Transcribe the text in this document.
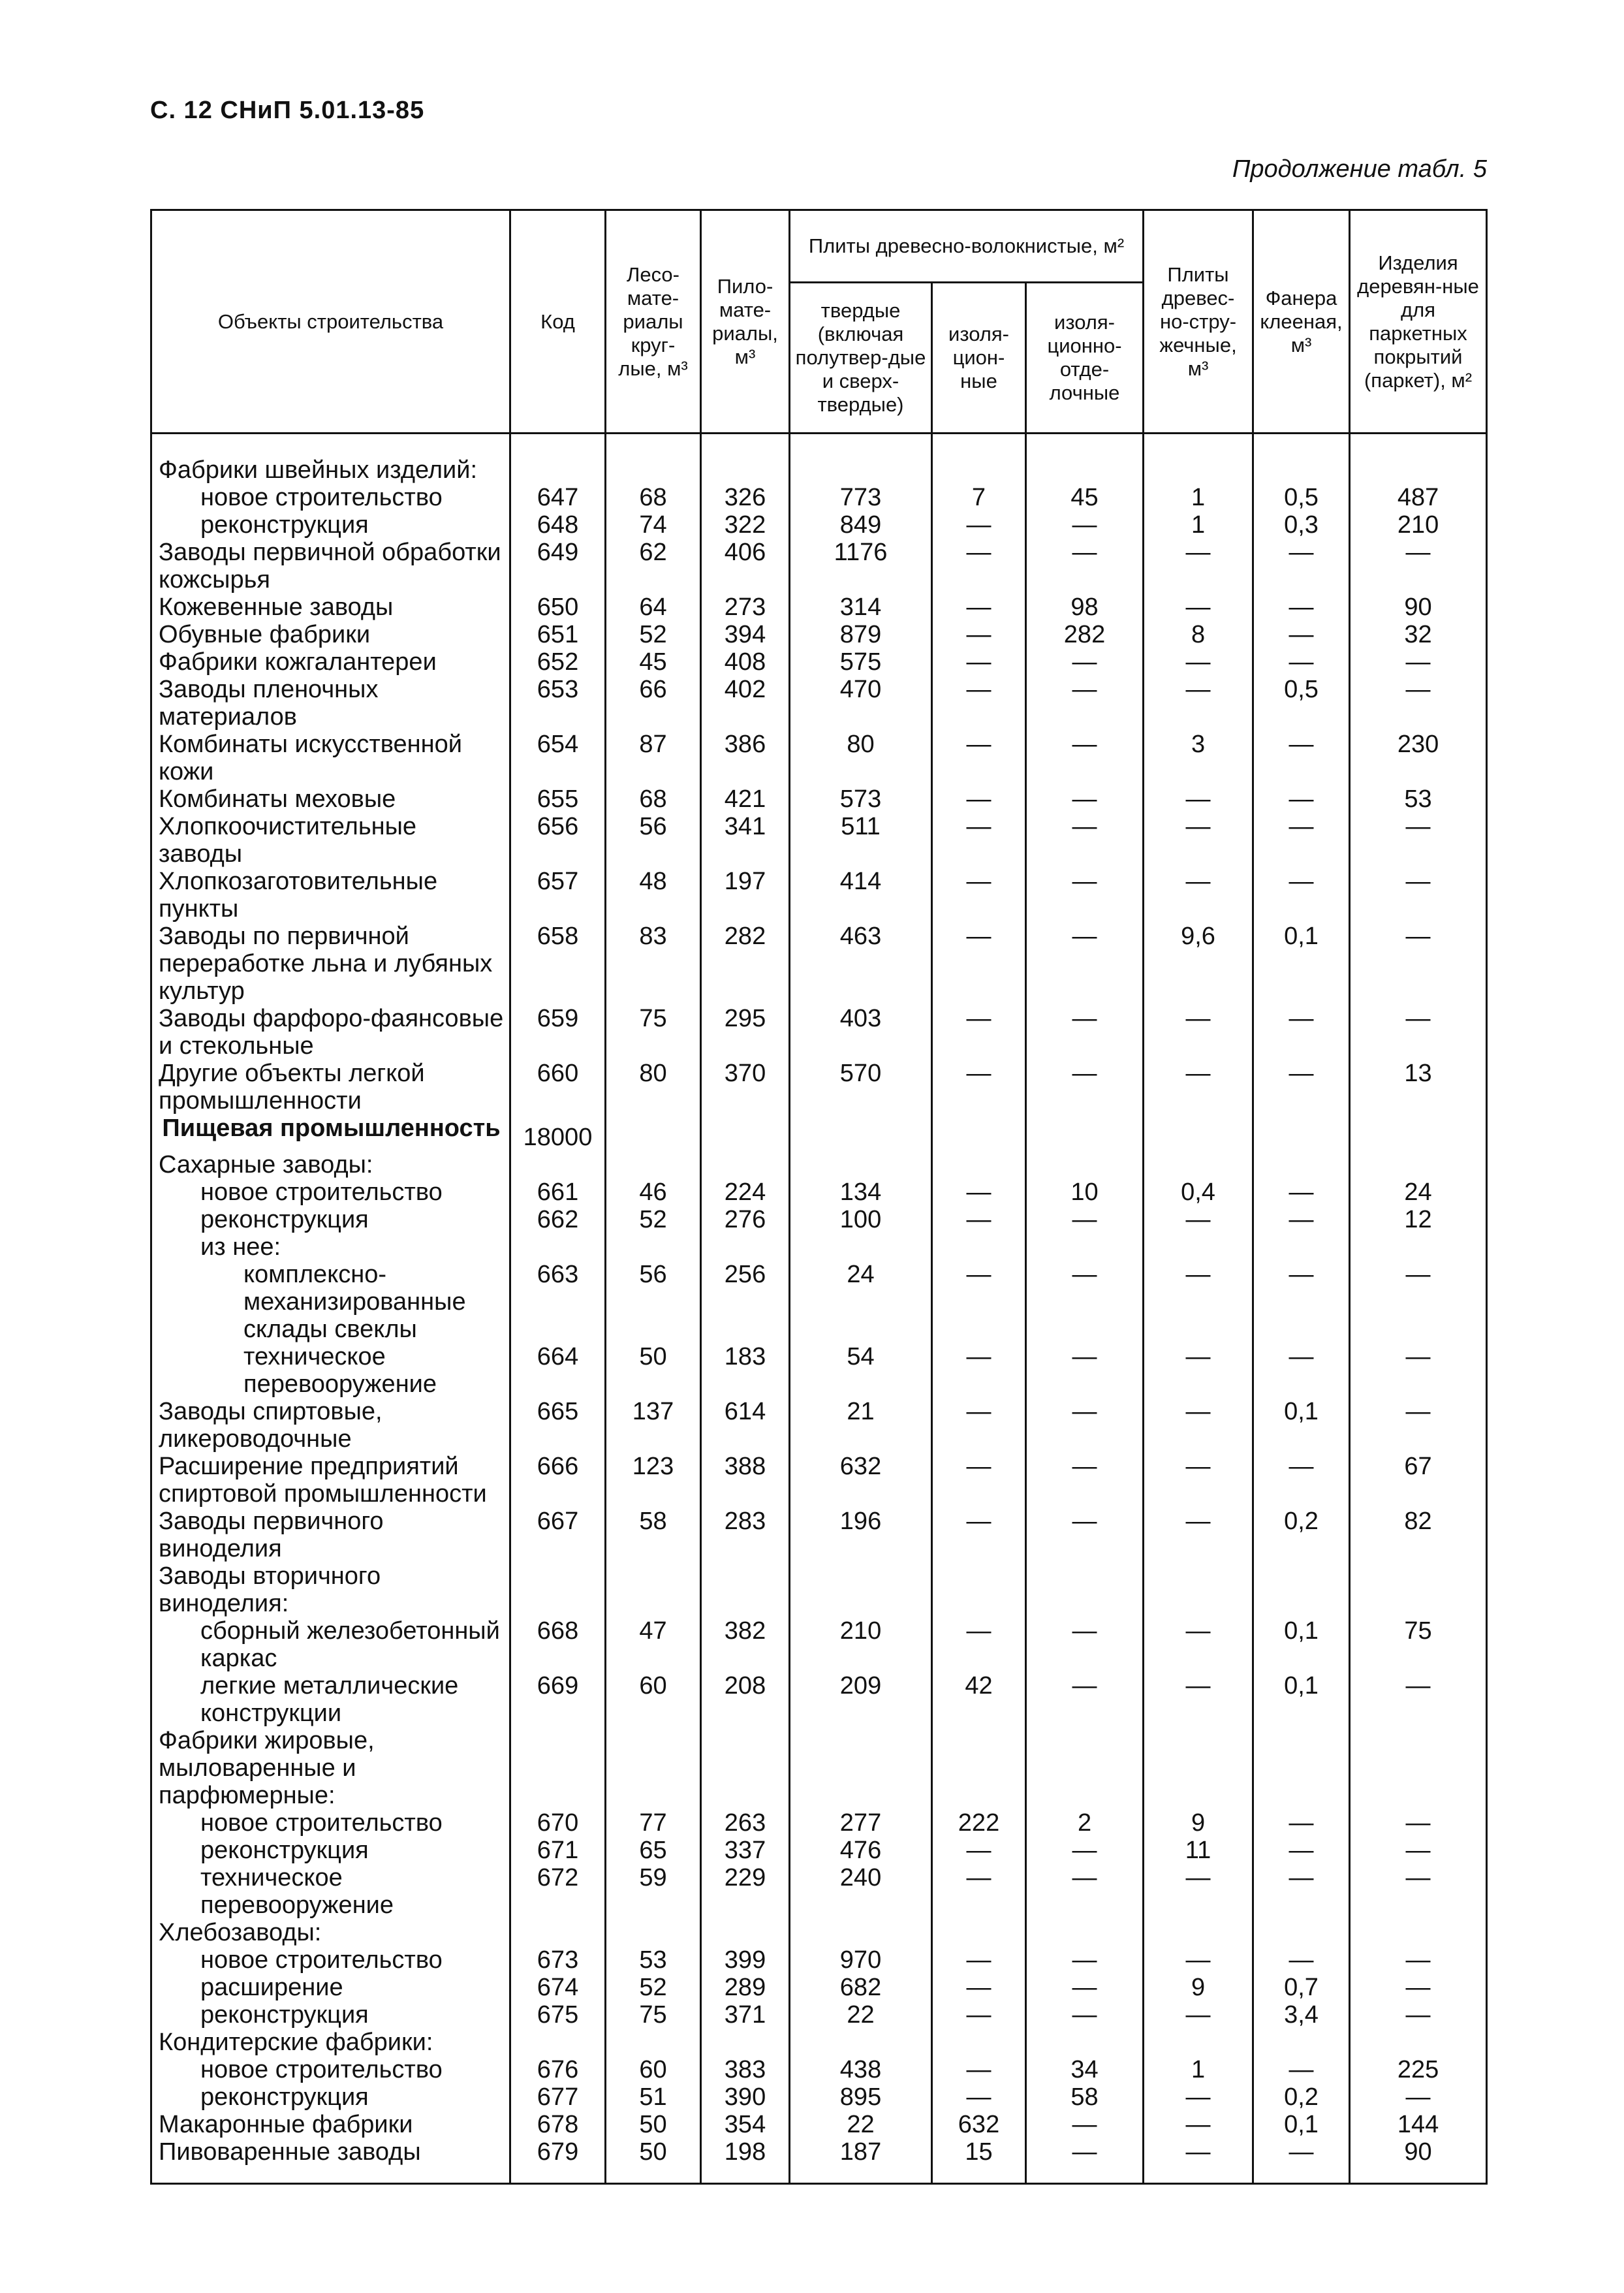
С. 12 СНиП 5.01.13-85
Продолжение табл. 5
Объекты строительства	Код	Лесо-мате-риалы круг-лые, м³	Пило-мате-риалы, м³	Плиты древесно-волокнистые, м²			Плиты древес-но-стру-жечные, м³	Фанера клееная, м³	Изделия деревян-ные для паркетных покрытий (паркет), м²
				твердые (включая полутвер-дые и сверх-твердые)	изоля-цион-ные	изоля-ционно-отде-лочные			
Фабрики швейных изделий:									

новое строительство	647	68	326	773	7	45	1	0,5	487

реконструкция	648	74	322	849	—	—	1	0,3	210
Заводы первичной обработки кожсырья	649	62	406	1176	—	—	—	—	—
Кожевенные заводы	650	64	273	314	—	98	—	—	90
Обувные фабрики	651	52	394	879	—	282	8	—	32
Фабрики кожгалантереи	652	45	408	575	—	—	—	—	—
Заводы пленочных материалов	653	66	402	470	—	—	—	0,5	—
Комбинаты искусственной кожи	654	87	386	80	—	—	3	—	230
Комбинаты меховые	655	68	421	573	—	—	—	—	53
Хлопкоочистительные заводы	656	56	341	511	—	—	—	—	—
Хлопкозаготовительные пункты	657	48	197	414	—	—	—	—	—
Заводы по первичной переработке льна и лубяных культур	658	83	282	463	—	—	9,6	0,1	—
Заводы фарфоро-фаянсовые и стекольные	659	75	295	403	—	—	—	—	—
Другие объекты легкой промышленности	660	80	370	570	—	—	—	—	13
Пищевая промышленность	18000								
Сахарные заводы:									

новое строительство	661	46	224	134	—	10	0,4	—	24

реконструкция	662	52	276	100	—	—	—	—	12

из нее:									

комплексно-механизированные склады свеклы	663	56	256	24	—	—	—	—	—

техническое перевооружение	664	50	183	54	—	—	—	—	—
Заводы спиртовые, ликероводочные	665	137	614	21	—	—	—	0,1	—
Расширение предприятий спиртовой промышленности	666	123	388	632	—	—	—	—	67
Заводы первичного виноделия	667	58	283	196	—	—	—	0,2	82
Заводы вторичного виноделия:									

сборный железобетонный каркас	668	47	382	210	—	—	—	0,1	75

легкие металлические конструкции	669	60	208	209	42	—	—	0,1	—
Фабрики жировые, мыловаренные и парфюмерные:									

новое строительство	670	77	263	277	222	2	9	—	—

реконструкция	671	65	337	476	—	—	11	—	—

техническое перевооружение	672	59	229	240	—	—	—	—	—
Хлебозаводы:									

новое строительство	673	53	399	970	—	—	—	—	—

расширение	674	52	289	682	—	—	9	0,7	—

реконструкция	675	75	371	22	—	—	—	3,4	—
Кондитерские фабрики:									

новое строительство	676	60	383	438	—	34	1	—	225

реконструкция	677	51	390	895	—	58	—	0,2	—
Макаронные фабрики	678	50	354	22	632	—	—	0,1	144
Пивоваренные заводы	679	50	198	187	15	—	—	—	90
